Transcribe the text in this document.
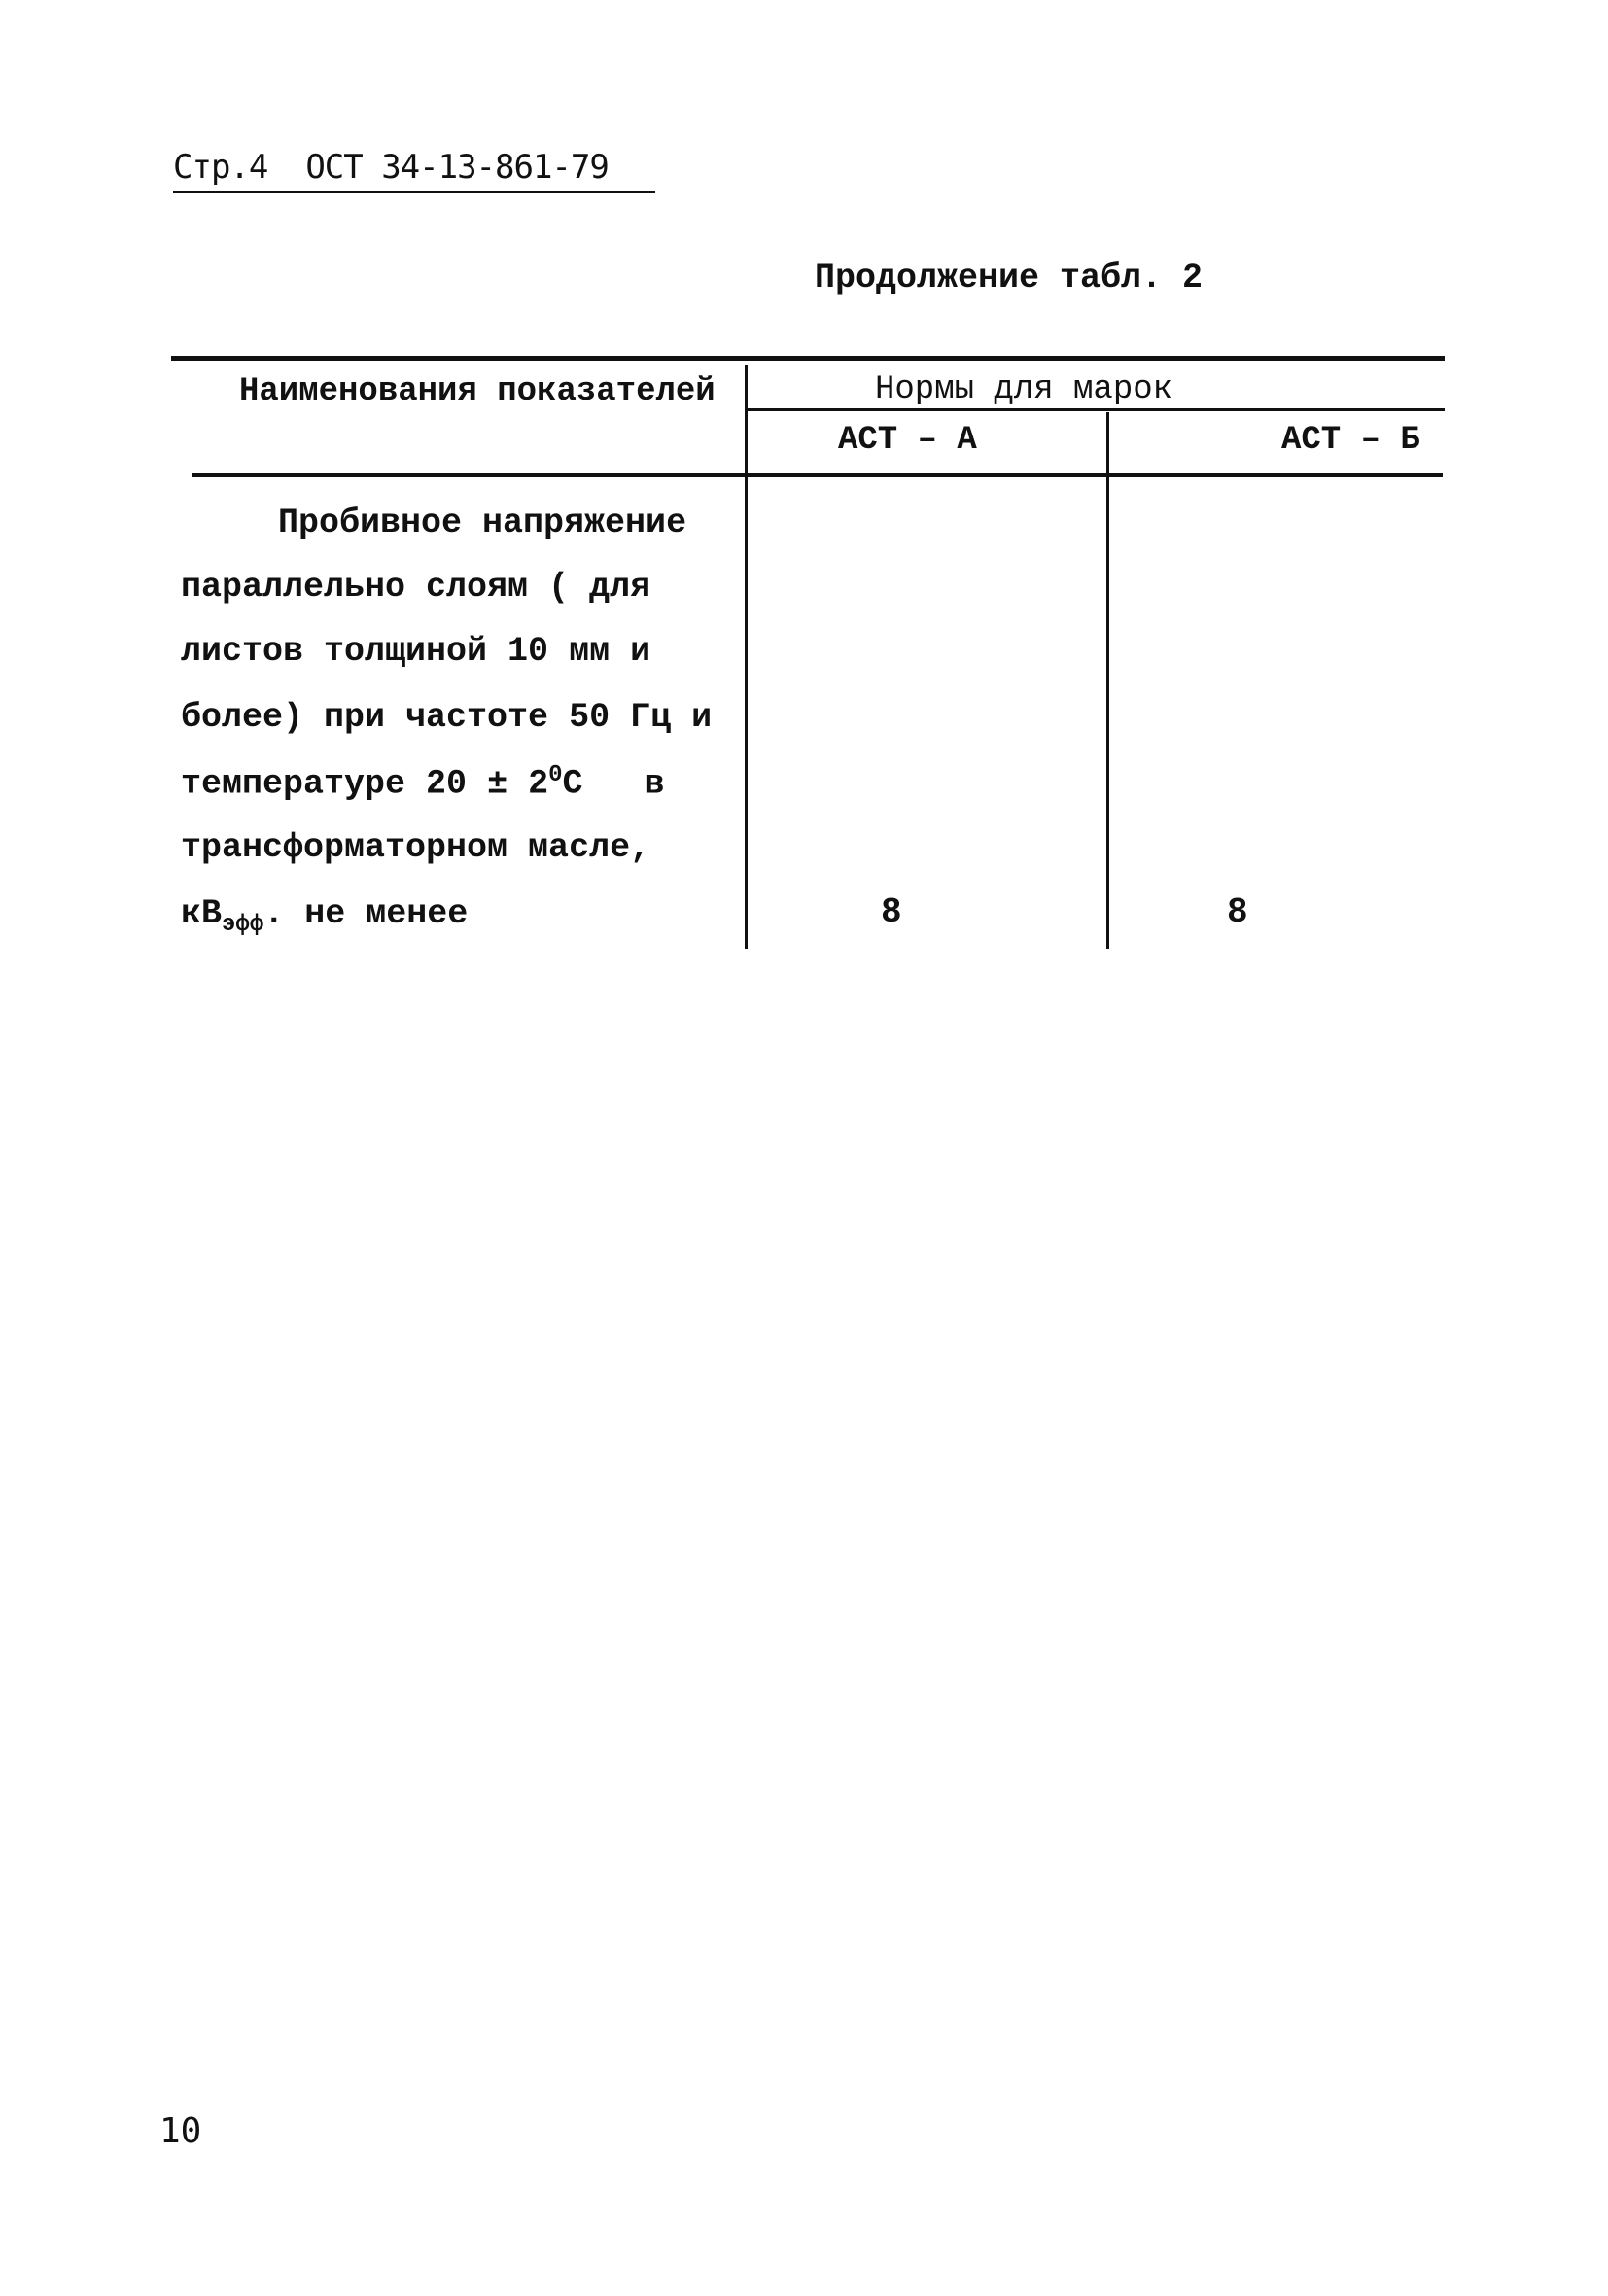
Стр.4 ОСТ 34-13-861-79
Продолжение табл. 2
Наименования показателей	Нормы для марок
АСТ – А	АСТ – Б
Пробивное напряжение
параллельно слоям ( для
листов толщиной 10 мм и
более) при частоте 50 Гц и
температуре $20 \pm 2^0C$   в
трансформаторном масле,
$кВ_{эфф}$. не менее	8	8
10
